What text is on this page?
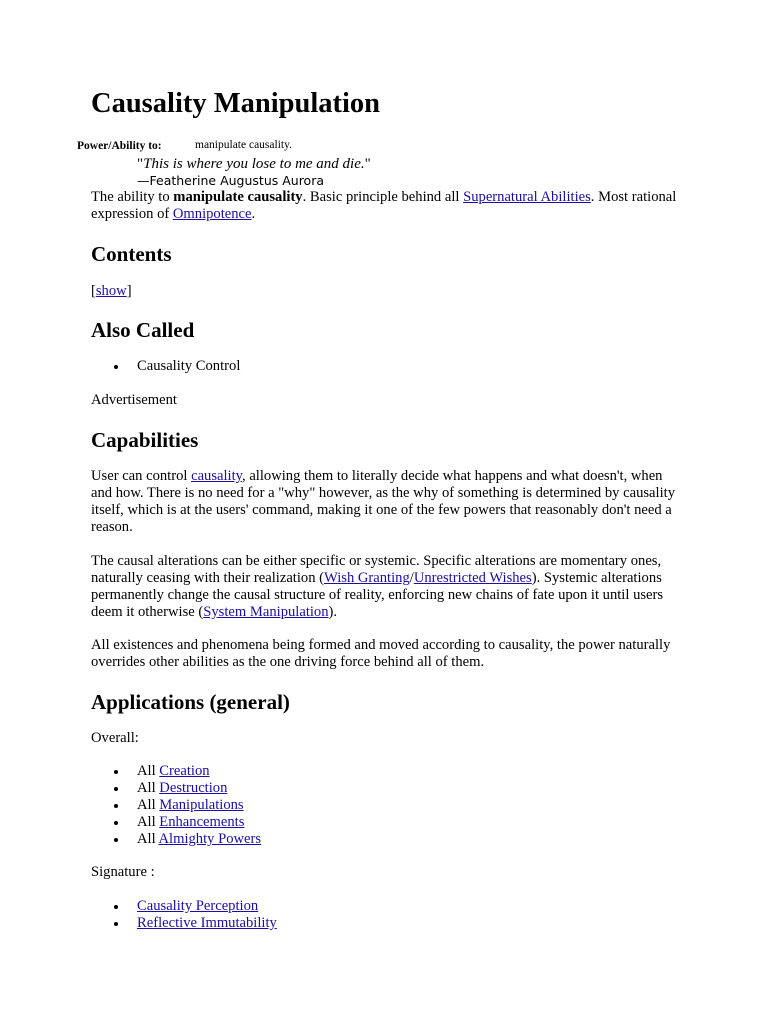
Causality Manipulation
Power/Ability to:	manipulate causality.
"This is where you lose to me and die."
—Featherine Augustus Aurora

The ability to manipulate causality. Basic principle behind all Supernatural Abilities. Most rational expression of Omnipotence.

Contents
[show]
Also Called
Causality Control
Advertisement
Capabilities

User can control causality, allowing them to literally decide what happens and what doesn't, when and how. There is no need for a "why" however, as the why of something is determined by causality itself, which is at the users' command, making it one of the few powers that reasonably don't need a reason.

The causal alterations can be either specific or systemic. Specific alterations are momentary ones, naturally ceasing with their realization (Wish Granting/Unrestricted Wishes). Systemic alterations permanently change the causal structure of reality, enforcing new chains of fate upon it until users deem it otherwise (System Manipulation).

All existences and phenomena being formed and moved according to causality, the power naturally overrides other abilities as the one driving force behind all of them.

Applications (general)
Overall:
All Creation
All Destruction
All Manipulations
All Enhancements
All Almighty Powers
Signature :
Causality Perception
Reflective Immutability
